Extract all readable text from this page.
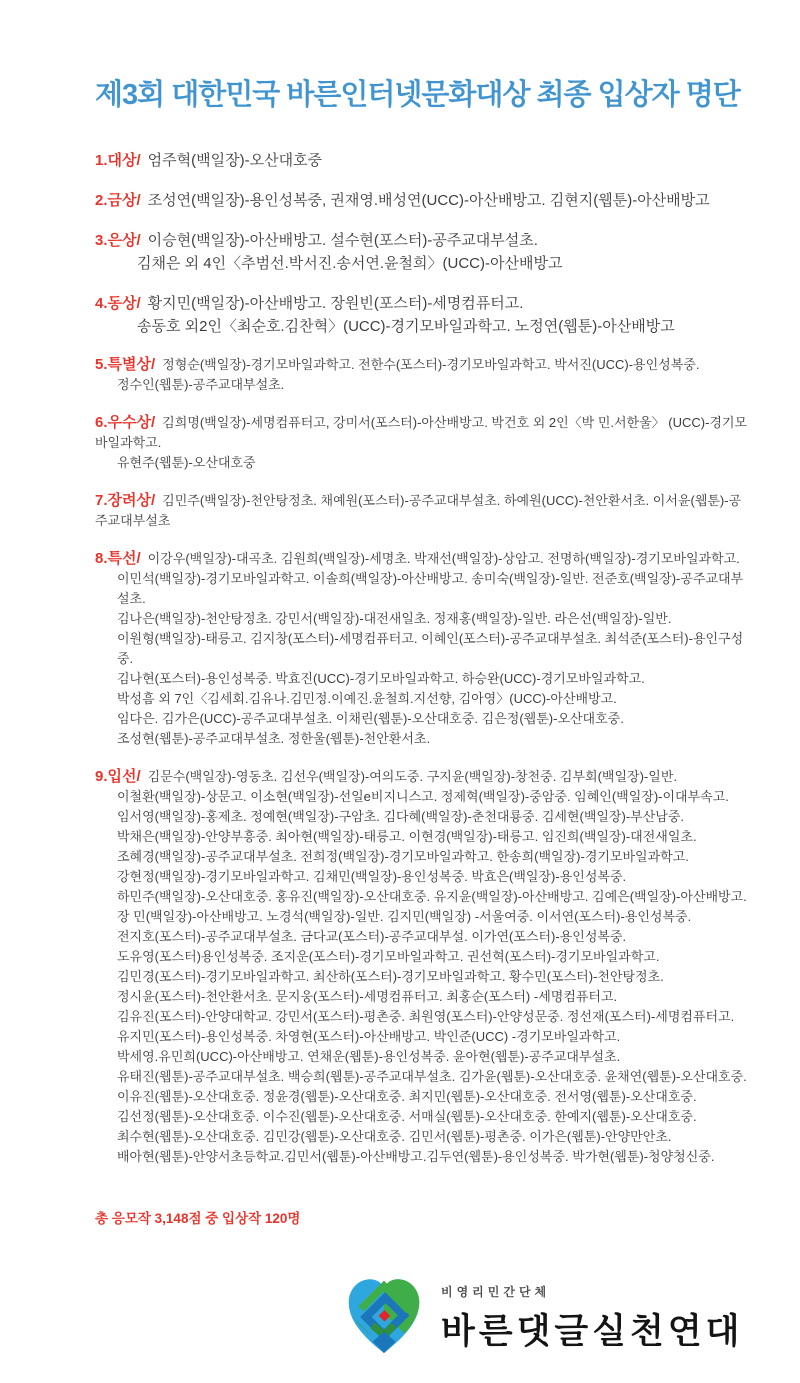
제3회 대한민국 바른인터넷문화대상 최종 입상자 명단
1.대상/ 엄주혁(백일장)-오산대호중
2.금상/ 조성연(백일장)-용인성복중, 권재영.배성연(UCC)-아산배방고. 김현지(웹툰)-아산배방고
3.은상/ 이승현(백일장)-아산배방고. 설수현(포스터)-공주교대부설초.
김채은 외 4인〈추범선.박서진.송서연.윤철희〉(UCC)-아산배방고
4.동상/ 황지민(백일장)-아산배방고. 장원빈(포스터)-세명컴퓨터고.
송동호 외2인〈최순호.김찬혁〉(UCC)-경기모바일과학고. 노정연(웹툰)-아산배방고
5.특별상/ 정형순(백일장)-경기모바일과학고. 전한수(포스터)-경기모바일과학고. 박서진(UCC)-용인성복중.
정수인(웹툰)-공주교대부설초.
6.우수상/ 김희명(백일장)-세명컴퓨터고, 강미서(포스터)-아산배방고. 박건호 외 2인〈박 민.서한울〉 (UCC)-경기모바일과학고.
유현주(웹툰)-오산대호중
7.장려상/ 김민주(백일장)-천안탕정초. 채예원(포스터)-공주교대부설초. 하예원(UCC)-천안환서초. 이서윤(웹툰)-공주교대부설초
8.특선/ 이강우(백일장)-대곡초. 김원희(백일장)-세명초. 박재선(백일장)-상암고. 전명하(백일장)-경기모바일과학고.
이민석(백일장)-경기모바일과학고. 이솔희(백일장)-아산배방고. 송미숙(백일장)-일반. 전준호(백일장)-공주교대부설초.
김나은(백일장)-천안탕정초. 강민서(백일장)-대전새일초. 정재홍(백일장)-일반. 라은선(백일장)-일반.
이원형(백일장)-태릉고. 김지창(포스터)-세명컴퓨터고. 이혜인(포스터)-공주교대부설초. 최석준(포스터)-용인구성중.
김나현(포스터)-용인성복중. 박효진(UCC)-경기모바일과학고. 하승완(UCC)-경기모바일과학고.
박성흠 외 7인〈김세회.김유나.김민정.이예진.윤철희.지선향, 김아영〉(UCC)-아산배방고.
임다은. 김가은(UCC)-공주교대부설초. 이채린(웹툰)-오산대호중. 김은정(웹툰)-오산대호중.
조성현(웹툰)-공주교대부설초. 정한울(웹툰)-천안환서초.
9.입선/ 김문수(백일장)-영동초. 김선우(백일장)-여의도중. 구지윤(백일장)-창천중. 김부회(백일장)-일반.
이철환(백일장)-상문고. 이소현(백일장)-선일e비지니스고. 정제혁(백일장)-중암중. 임혜인(백일장)-이대부속고.
임서영(백일장)-홍제초. 정예현(백일장)-구암초. 김다혜(백일장)-춘천대룡중. 김세현(백일장)-부산남중.
박채은(백일장)-안양부흥중. 최아현(백일장)-태릉고. 이현경(백일장)-태릉고. 임진희(백일장)-대전새일초.
조혜경(백일장)-공주교대부설초. 전희정(백일장)-경기모바일과학고. 한송희(백일장)-경기모바일과학고.
강현정(백일장)-경기모바일과학고. 김채민(백일장)-용인성복중. 박효은(백일장)-용인성복중.
하민주(백일장)-오산대호중. 홍유진(백일장)-오산대호중. 유지윤(백일장)-아산배방고. 김예은(백일장)-아산배방고.
장 민(백일장)-아산배방고. 노경석(백일장)-일반. 김지민(백일장) -서울여중. 이서연(포스터)-용인성복중.
전지호(포스터)-공주교대부설초. 금다교(포스터)-공주교대부설. 이가연(포스터)-용인성복중.
도유영(포스터)용인성복중. 조지운(포스터)-경기모바일과학고. 권선혁(포스터)-경기모바일과학고.
김민경(포스터)-경기모바일과학고. 최산하(포스터)-경기모바일과학고. 황수민(포스터)-천안탕정초.
정시윤(포스터)-천안환서초. 문지웅(포스터)-세명컴퓨터고. 최홍순(포스터) -세명컴퓨터고.
김유진(포스터)-안양대학교. 강민서(포스터)-평촌중. 최원영(포스터)-안양성문중. 정선재(포스터)-세명컴퓨터고.
유지민(포스터)-용인성복중. 차영현(포스터)-아산배방고. 박인준(UCC) -경기모바일과학고.
박세영.유민희(UCC)-아산배방고. 연채운(웹툰)-용인성복중. 윤아현(웹툰)-공주교대부설초.
유태진(웹툰)-공주교대부설초. 백승희(웹툰)-공주교대부설초. 김가윤(웹툰)-오산대호중. 윤채연(웹툰)-오산대호중.
이유진(웹툰)-오산대호중. 정윤경(웹툰)-오산대호중. 최지민(웹툰)-오산대호중. 전서영(웹툰)-오산대호중.
김선정(웹툰)-오산대호중. 이수진(웹툰)-오산대호중. 서매실(웹툰)-오산대호중. 한예지(웹툰)-오산대호중.
최수현(웹툰)-오산대호중. 김민강(웹툰)-오산대호중. 김민서(웹툰)-평촌중. 이가은(웹툰)-안양만안초.
배아현(웹툰)-안양서초등학교.김민서(웹툰)-아산배방고.김두연(웹툰)-용인성복중. 박가현(웹툰)-청양청신중.
총 응모작 3,148점 중 입상작 120명
비영리민간단체
바른댓글실천연대
